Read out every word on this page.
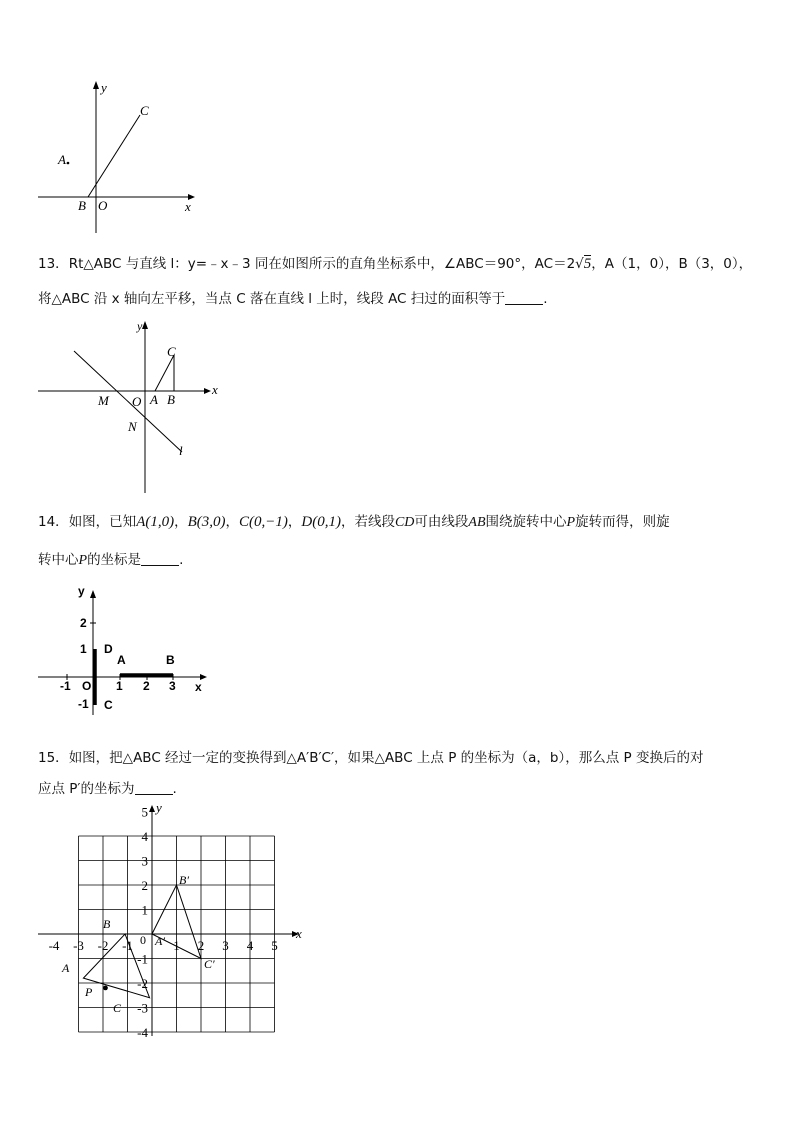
y
C
A.
B O	x
13．Rt△ABC 与直线 l：y=﹣x﹣3 同在如图所示的直角坐标系中，∠ABC＝90°，AC＝2√5，A（1，0），B（3，0），
将△ABC 沿 x 轴向左平移，当点 C 落在直线 l 上时，线段 AC 扫过的面积等于	.
y
x
C
M O A B
N
l
14．如图，已知A(1,0)，B(3,0)，C(0,−1)，D(0,1)，若线段CD可由线段AB围绕旋转中心P旋转而得，则旋
转中心P的坐标是	.
y
2
1 D
A	B
-1 O 1 2 3 x
-1 C
15．如图，把△ABC 经过一定的变换得到△A′B′C′，如果△ABC 上点 P 的坐标为（a，b），那么点 P 变换后的对
应点 P′的坐标为	.
5
4
3
2
1
-1
-2
-3
-4
-4 -3 -2 -1	1 2 3 4 5
y
x
0
B
A
P
C
A′
B′
C′
